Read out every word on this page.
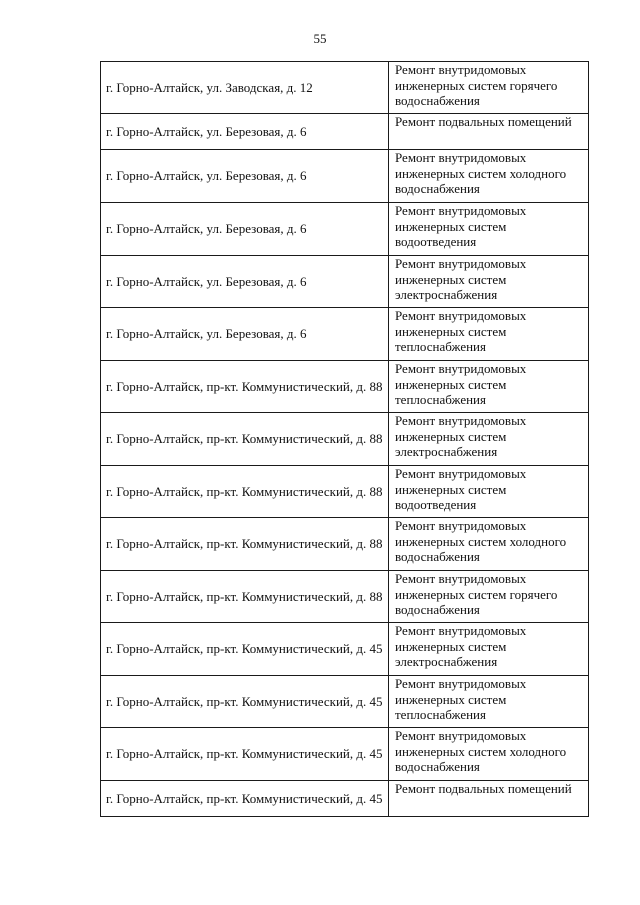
55
г. Горно-Алтайск, ул. Заводская, д. 12	Ремонт внутридомовых инженерных систем горячего водоснабжения
г. Горно-Алтайск, ул. Березовая, д. 6	Ремонт подвальных помещений
г. Горно-Алтайск, ул. Березовая, д. 6	Ремонт внутридомовых инженерных систем холодного водоснабжения
г. Горно-Алтайск, ул. Березовая, д. 6	Ремонт внутридомовых инженерных систем водоотведения
г. Горно-Алтайск, ул. Березовая, д. 6	Ремонт внутридомовых инженерных систем электроснабжения
г. Горно-Алтайск, ул. Березовая, д. 6	Ремонт внутридомовых инженерных систем теплоснабжения
г. Горно-Алтайск, пр-кт. Коммунистический, д. 88	Ремонт внутридомовых инженерных систем теплоснабжения
г. Горно-Алтайск, пр-кт. Коммунистический, д. 88	Ремонт внутридомовых инженерных систем электроснабжения
г. Горно-Алтайск, пр-кт. Коммунистический, д. 88	Ремонт внутридомовых инженерных систем водоотведения
г. Горно-Алтайск, пр-кт. Коммунистический, д. 88	Ремонт внутридомовых инженерных систем холодного водоснабжения
г. Горно-Алтайск, пр-кт. Коммунистический, д. 88	Ремонт внутридомовых инженерных систем горячего водоснабжения
г. Горно-Алтайск, пр-кт. Коммунистический, д. 45	Ремонт внутридомовых инженерных систем электроснабжения
г. Горно-Алтайск, пр-кт. Коммунистический, д. 45	Ремонт внутридомовых инженерных систем теплоснабжения
г. Горно-Алтайск, пр-кт. Коммунистический, д. 45	Ремонт внутридомовых инженерных систем холодного водоснабжения
г. Горно-Алтайск, пр-кт. Коммунистический, д. 45	Ремонт подвальных помещений
